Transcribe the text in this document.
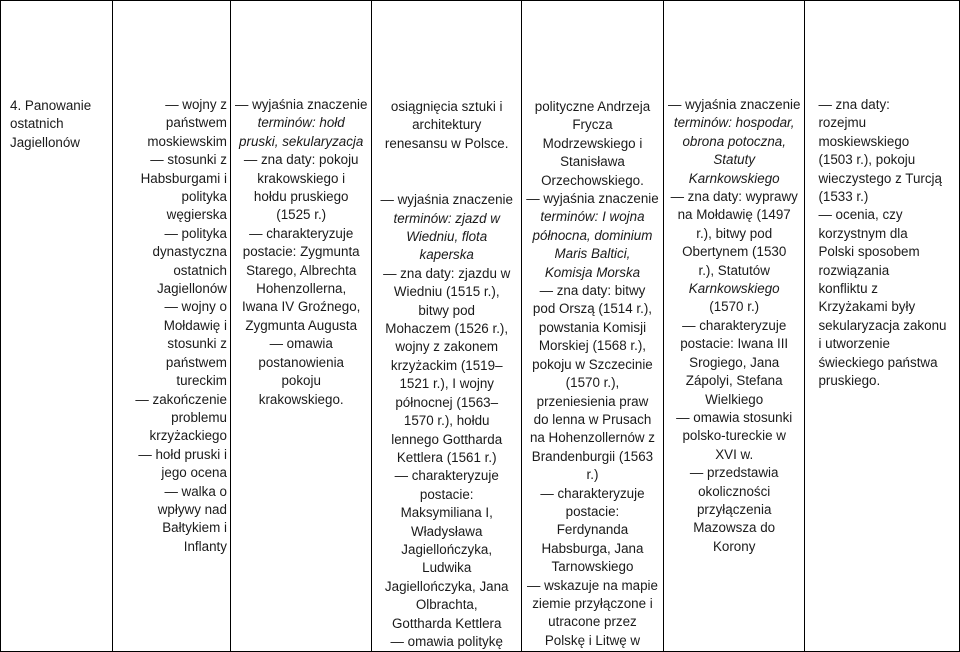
4. Panowanie
ostatnich
Jagiellonów

— wojny z
państwem
moskiewskim
— stosunki z
Habsburgami i
polityka
węgierska
— polityka
dynastyczna
ostatnich
Jagiellonów
— wojny o
Mołdawię i
stosunki z
państwem
tureckim
— zakończenie
problemu
krzyżackiego
— hołd pruski i
jego ocena
— walka o
wpływy nad
Bałtykiem i
Inflanty

— wyjaśnia znaczenie
terminów: hołd
pruski, sekularyzacja
— zna daty: pokoju
krakowskiego i
hołdu pruskiego
(1525 r.)
— charakteryzuje
postacie: Zygmunta
Starego, Albrechta
Hohenzollerna,
Iwana IV Groźnego,
Zygmunta Augusta
— omawia
postanowienia
pokoju
krakowskiego.

osiągnięcia sztuki i
architektury
renesansu w Polsce.
— wyjaśnia znaczenie
terminów: zjazd w
Wiedniu, flota
kaperska
— zna daty: zjazdu w
Wiedniu (1515 r.),
bitwy pod
Mohaczem (1526 r.),
wojny z zakonem
krzyżackim (1519–
1521 r.), I wojny
północnej (1563–
1570 r.), hołdu
lennego Gottharda
Kettlera (1561 r.)
— charakteryzuje
postacie:
Maksymiliana I,
Władysława
Jagiellończyka,
Ludwika
Jagiellończyka, Jana
Olbrachta,
Gottharda Kettlera
— omawia politykę

polityczne Andrzeja
Frycza
Modrzewskiego i
Stanisława
Orzechowskiego.
— wyjaśnia znaczenie
terminów: I wojna
północna, dominium
Maris Baltici,
Komisja Morska
— zna daty: bitwy
pod Orszą (1514 r.),
powstania Komisji
Morskiej (1568 r.),
pokoju w Szczecinie
(1570 r.),
przeniesienia praw
do lenna w Prusach
na Hohenzollernów z
Brandenburgii (1563
r.)
— charakteryzuje
postacie:
Ferdynanda
Habsburga, Jana
Tarnowskiego
— wskazuje na mapie
ziemie przyłączone i
utracone przez
Polskę i Litwę w

— wyjaśnia znaczenie
terminów: hospodar,
obrona potoczna,
Statuty
Karnkowskiego
— zna daty: wyprawy
na Mołdawię (1497
r.), bitwy pod
Obertynem (1530
r.), Statutów
Karnkowskiego
(1570 r.)
— charakteryzuje
postacie: Iwana III
Srogiego, Jana
Zápolyi, Stefana
Wielkiego
— omawia stosunki
polsko-tureckie w
XVI w.
— przedstawia
okoliczności
przyłączenia
Mazowsza do
Korony

— zna daty:
rozejmu
moskiewskiego
(1503 r.), pokoju
wieczystego z Turcją
(1533 r.)
— ocenia, czy
korzystnym dla
Polski sposobem
rozwiązania
konfliktu z
Krzyżakami były
sekularyzacja zakonu
i utworzenie
świeckiego państwa
pruskiego.
